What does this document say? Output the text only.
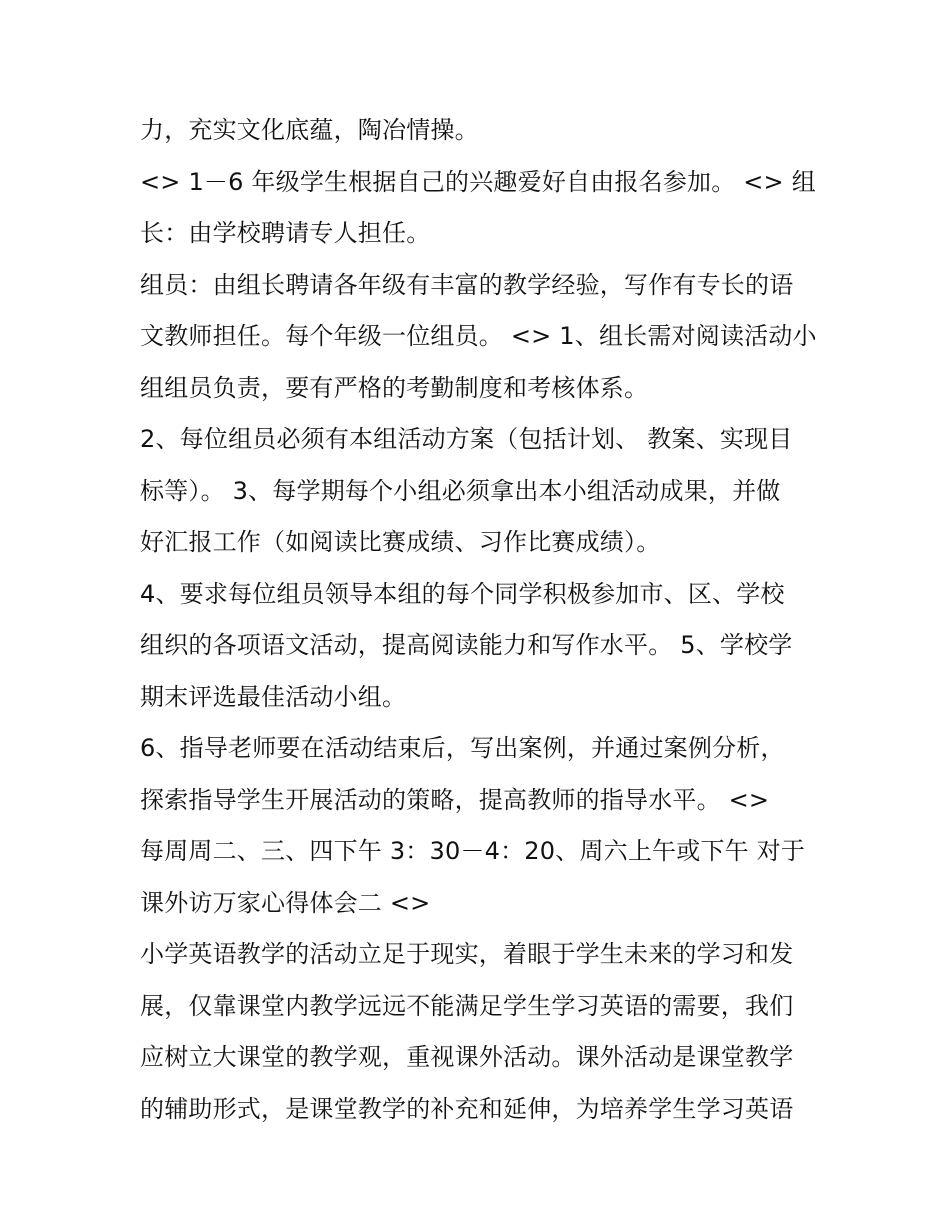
力，充实文化底蕴，陶冶情操。
<> 1－6 年级学生根据自己的兴趣爱好自由报名参加。 <> 组
长：由学校聘请专人担任。
组员：由组长聘请各年级有丰富的教学经验，写作有专长的语
文教师担任。每个年级一位组员。 <> 1、组长需对阅读活动小
组组员负责，要有严格的考勤制度和考核体系。
2、每位组员必须有本组活动方案（包括计划、 教案、实现目
标等）。 3、每学期每个小组必须拿出本小组活动成果，并做
好汇报工作（如阅读比赛成绩、习作比赛成绩）。
4、要求每位组员领导本组的每个同学积极参加市、区、学校
组织的各项语文活动，提高阅读能力和写作水平。 5、学校学
期末评选最佳活动小组。
6、指导老师要在活动结束后，写出案例，并通过案例分析，
探索指导学生开展活动的策略，提高教师的指导水平。 <>
每周周二、三、四下午 3：30－4：20、周六上午或下午 对于
课外访万家心得体会二 <>
小学英语教学的活动立足于现实，着眼于学生未来的学习和发
展，仅靠课堂内教学远远不能满足学生学习英语的需要，我们
应树立大课堂的教学观，重视课外活动。课外活动是课堂教学
的辅助形式，是课堂教学的补充和延伸，为培养学生学习英语
